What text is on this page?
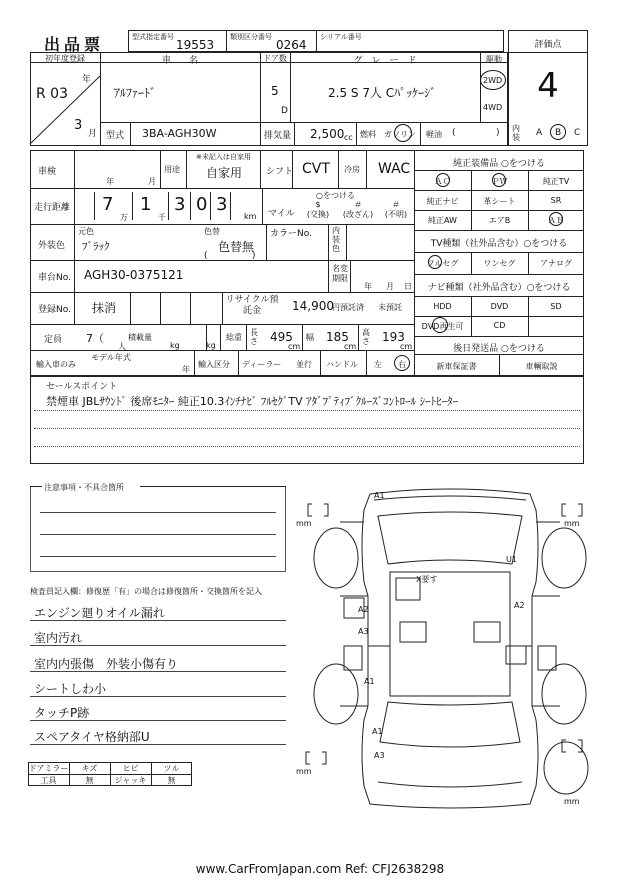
出品票	型式指定番号
19553
類別区分番号
0264
シリアル番号
評価点
4
初年度登録
年
R 03
3
月
車　　名
ｱﾙﾌｧｰﾄﾞ
ドア数
5
D
グ　レ　ー　ド
2.5 S 7人 Cﾊﾟｯｹｰｼﾞ
駆動
2WD
4WD
型式 3BA-AGH30W	排気量 2,500 cc 燃料 ガソリン 軽油 (	) 内装	A B C
車検
年	月
用途
※未記入は自家用
自家用	シフト CVT 冷房 WAC
走行距離 7
万
1
千
3 0 3
km
○をつける
マイル
$
(交換)
＃
(改ざん)
＃
(不明)
外装色
元色
ﾌﾞﾗｯｸ
色替
色替無
(	)
カラーNo.	内装色
車台No. AGH30-0375121	名変期限
年 月 日
登録No. 抹消
リサイクル預託金	14,900
円預託済 未預託
定員 7（
人
積載量
kg	kg
総重
長さ 495
cm
幅 185
cm
高さ 193
cm
輸入車のみ
モデル年式
年
輸入区分 ディーラー 並行 ハンドル 左 右
純正装備品 ○をつける
ＡＣ	ＰＷ	純正TV
純正ナビ	革シート	SR
純正AW	エアB	ＡＢ
TV種類（社外品含む）○をつける
フルセグ	ワンセグ	アナログ
ナビ種類（社外品含む）○をつける
HDD	DVD	SD
DVD再生可	CD
後日発送品 ○をつける
新車保証書	車輌取説
セールスポイント
禁煙車 JBLｻｳﾝﾄﾞ 後席ﾓﾆﾀｰ 純正10.3ｲﾝﾁﾅﾋﾞ ﾌﾙｾｸﾞTV ｱﾀﾞﾌﾟﾃｨﾌﾞｸﾙｰｽﾞｺﾝﾄﾛｰﾙ ｼｰﾄﾋｰﾀｰ
注意事項・不具合箇所
検査員記入欄：修復歴「有」の場合は修復箇所・交換箇所を記入
エンジン廻りオイル漏れ
室内汚れ
室内内張傷　外装小傷有り
シートしわ小
タッチP跡
スペアタイヤ格納部U
ドアミラー	キズ	ヒビ	ツル
工具	無	ジャッキ	無
mm	mm
mm
mm
A1
U1
X要す
A2
A3
A2
A1
A1
A3
www.CarFromJapan.com Ref: CFJ2638298
